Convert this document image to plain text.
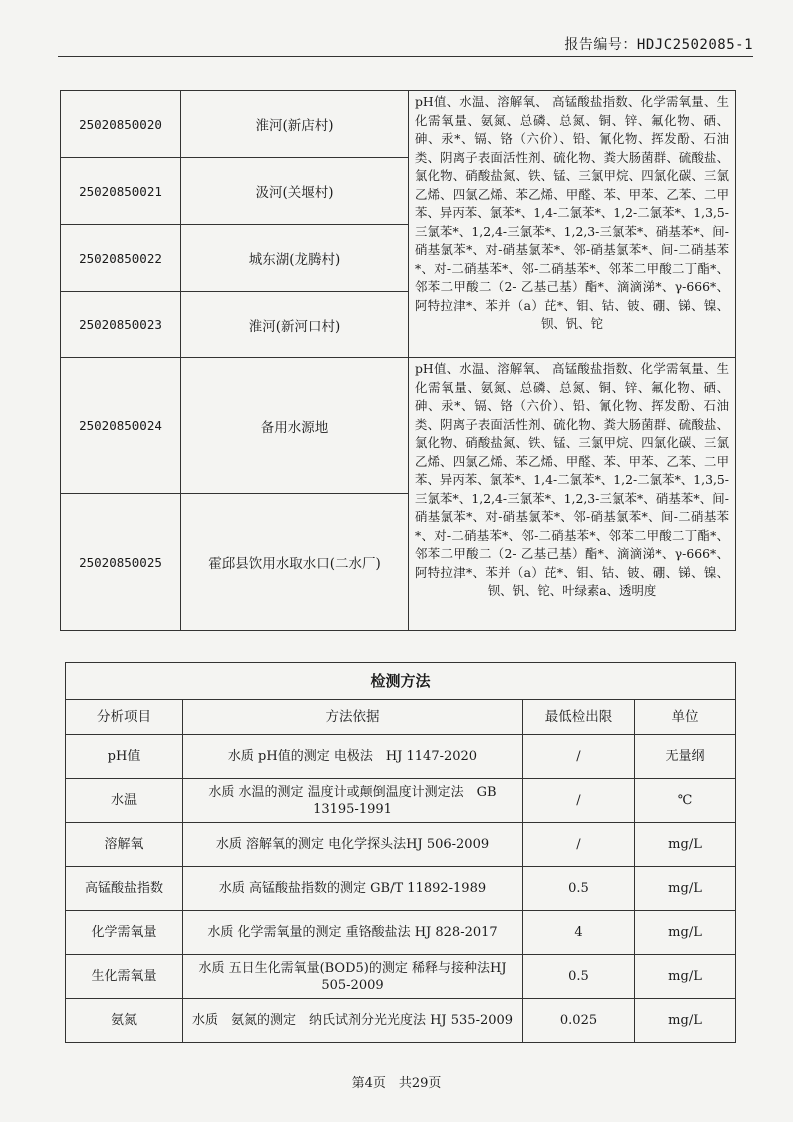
报告编号：HDJC2502085-1
25020850020	淮河(新店村)	pH值、水温、溶解氧、 高锰酸盐指数、化学需氧量、生化需氧量、氨氮、总磷、总氮、铜、锌、氟化物、硒、砷、汞*、镉、铬（六价）、铅、氰化物、挥发酚、石油类、阴离子表面活性剂、硫化物、粪大肠菌群、硫酸盐、氯化物、硝酸盐氮、铁、锰、三氯甲烷、四氯化碳、三氯乙烯、四氯乙烯、苯乙烯、甲醛、苯、甲苯、乙苯、二甲苯、异丙苯、氯苯*、1,4-二氯苯*、1,2-二氯苯*、1,3,5-三氯苯*、1,2,4-三氯苯*、1,2,3-三氯苯*、硝基苯*、间-硝基氯苯*、对-硝基氯苯*、邻-硝基氯苯*、间-二硝基苯*、对-二硝基苯*、邻-二硝基苯*、邻苯二甲酸二丁酯*、邻苯二甲酸二（2- 乙基己基）酯*、滴滴涕*、γ-666*、阿特拉津*、苯并（a）芘*、钼、钴、铍、硼、锑、镍、钡、钒、铊
25020850021	汲河(关堰村)	
25020850022	城东湖(龙腾村)	
25020850023	淮河(新河口村)	
25020850024	备用水源地	pH值、水温、溶解氧、 高锰酸盐指数、化学需氧量、生化需氧量、氨氮、总磷、总氮、铜、锌、氟化物、硒、砷、汞*、镉、铬（六价）、铅、氰化物、挥发酚、石油类、阴离子表面活性剂、硫化物、粪大肠菌群、硫酸盐、氯化物、硝酸盐氮、铁、锰、三氯甲烷、四氯化碳、三氯乙烯、四氯乙烯、苯乙烯、甲醛、苯、甲苯、乙苯、二甲苯、异丙苯、氯苯*、1,4-二氯苯*、1,2-二氯苯*、1,3,5-三氯苯*、1,2,4-三氯苯*、1,2,3-三氯苯*、硝基苯*、间-硝基氯苯*、对-硝基氯苯*、邻-硝基氯苯*、间-二硝基苯*、对-二硝基苯*、邻-二硝基苯*、邻苯二甲酸二丁酯*、邻苯二甲酸二（2- 乙基己基）酯*、滴滴涕*、γ-666*、阿特拉津*、苯并（a）芘*、钼、钴、铍、硼、锑、镍、钡、钒、铊、叶绿素a、透明度
25020850025	霍邱县饮用水取水口(二水厂)	
检测方法			
分析项目	方法依据	最低检出限	单位
pH值	水质 pH值的测定 电极法　HJ 1147-2020	/	无量纲
水温	水质 水温的测定 温度计或颠倒温度计测定法　GB 13195-1991	/	℃
溶解氧	水质 溶解氧的测定 电化学探头法HJ 506-2009	/	mg/L
高锰酸盐指数	水质 高锰酸盐指数的测定 GB/T 11892-1989	0.5	mg/L
化学需氧量	水质 化学需氧量的测定 重铬酸盐法 HJ 828-2017	4	mg/L
生化需氧量	水质 五日生化需氧量(BOD5)的测定 稀释与接种法HJ 505-2009	0.5	mg/L
氨氮	水质　氨氮的测定　纳氏试剂分光光度法 HJ 535-2009	0.025	mg/L
第4页　共29页
